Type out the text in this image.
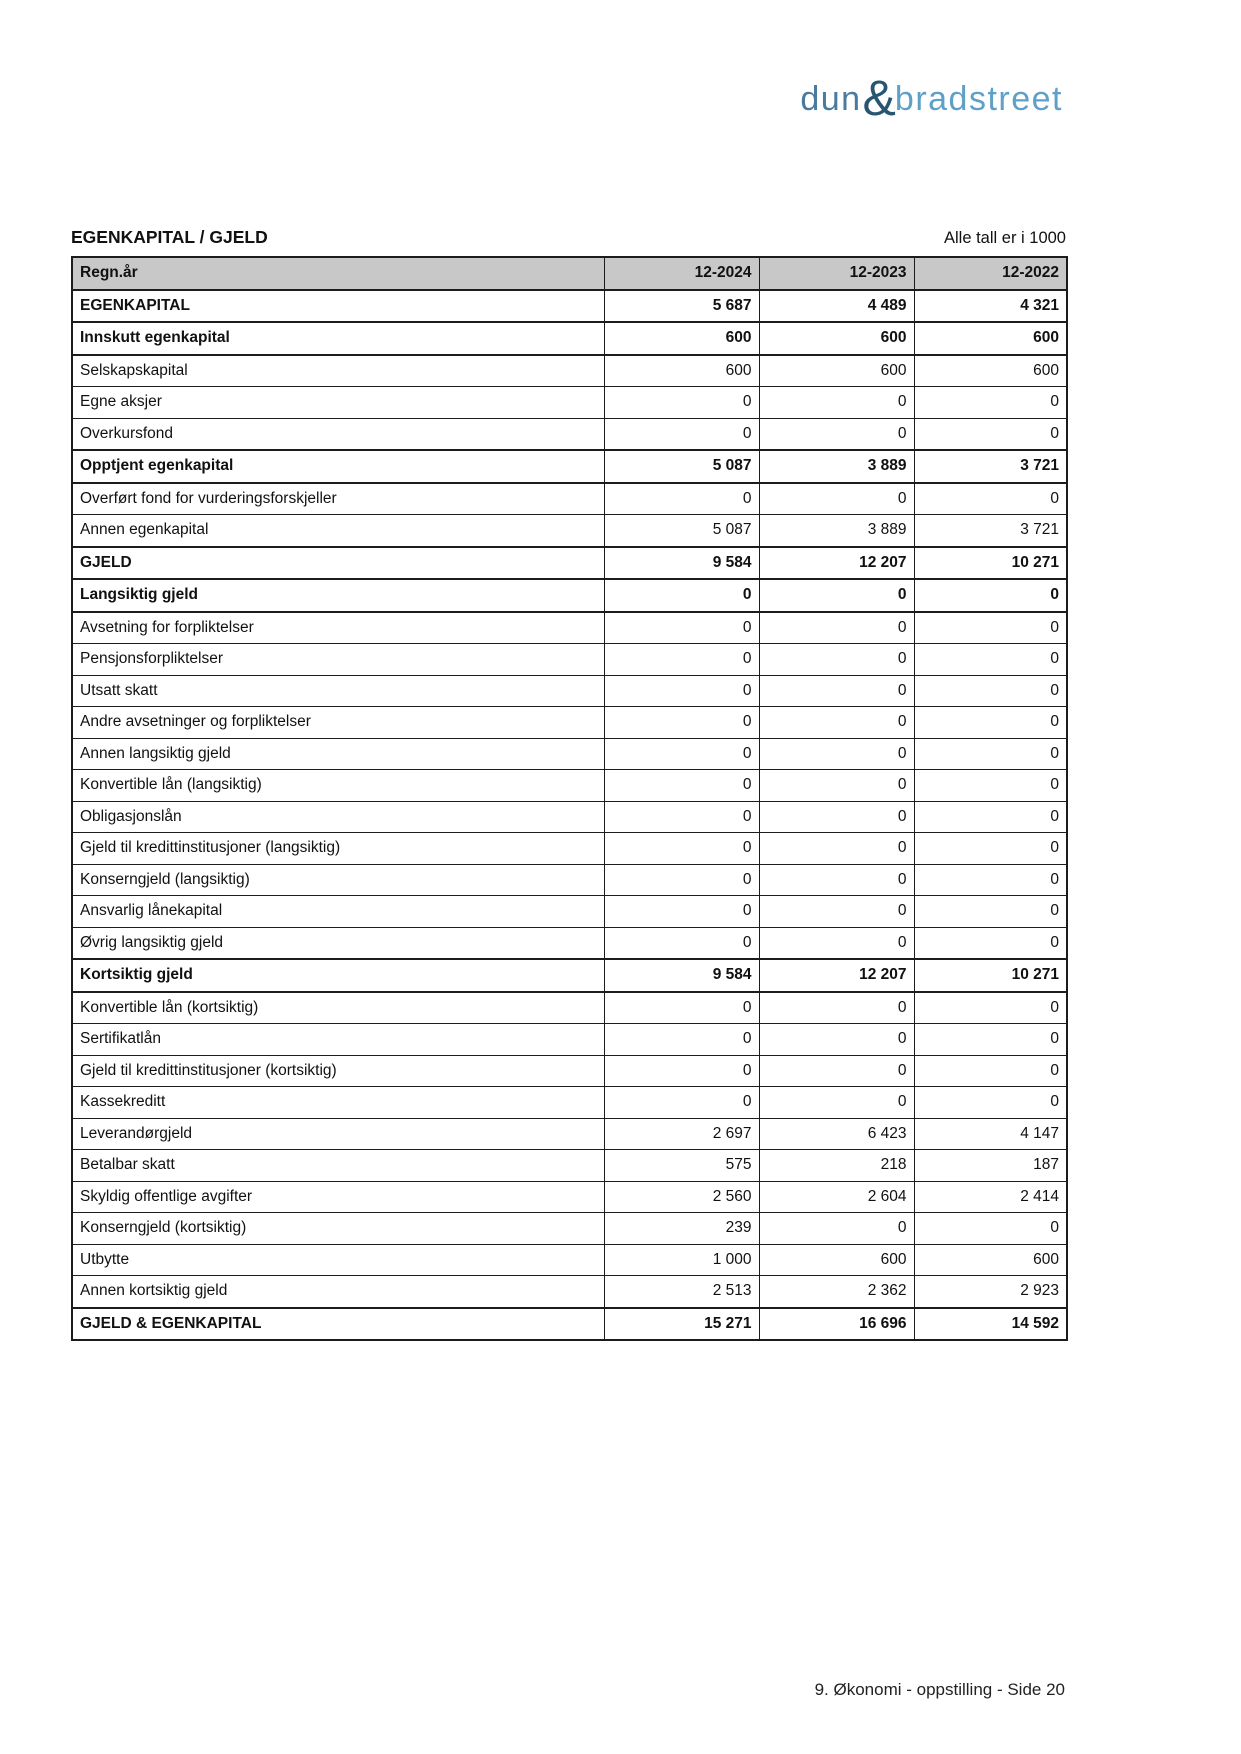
dun & bradstreet
EGENKAPITAL / GJELD	Alle tall er i 1000
Regn.år	12-2024	12-2023	12-2022
EGENKAPITAL	5 687	4 489	4 321
Innskutt egenkapital	600	600	600
Selskapskapital	600	600	600
Egne aksjer	0	0	0
Overkursfond	0	0	0
Opptjent egenkapital	5 087	3 889	3 721
Overført fond for vurderingsforskjeller	0	0	0
Annen egenkapital	5 087	3 889	3 721
GJELD	9 584	12 207	10 271
Langsiktig gjeld	0	0	0
Avsetning for forpliktelser	0	0	0
Pensjonsforpliktelser	0	0	0
Utsatt skatt	0	0	0
Andre avsetninger og forpliktelser	0	0	0
Annen langsiktig gjeld	0	0	0
Konvertible lån (langsiktig)	0	0	0
Obligasjonslån	0	0	0
Gjeld til kredittinstitusjoner (langsiktig)	0	0	0
Konserngjeld (langsiktig)	0	0	0
Ansvarlig lånekapital	0	0	0
Øvrig langsiktig gjeld	0	0	0
Kortsiktig gjeld	9 584	12 207	10 271
Konvertible lån (kortsiktig)	0	0	0
Sertifikatlån	0	0	0
Gjeld til kredittinstitusjoner (kortsiktig)	0	0	0
Kassekreditt	0	0	0
Leverandørgjeld	2 697	6 423	4 147
Betalbar skatt	575	218	187
Skyldig offentlige avgifter	2 560	2 604	2 414
Konserngjeld (kortsiktig)	239	0	0
Utbytte	1 000	600	600
Annen kortsiktig gjeld	2 513	2 362	2 923
GJELD & EGENKAPITAL	15 271	16 696	14 592
9. Økonomi - oppstilling - Side 20
